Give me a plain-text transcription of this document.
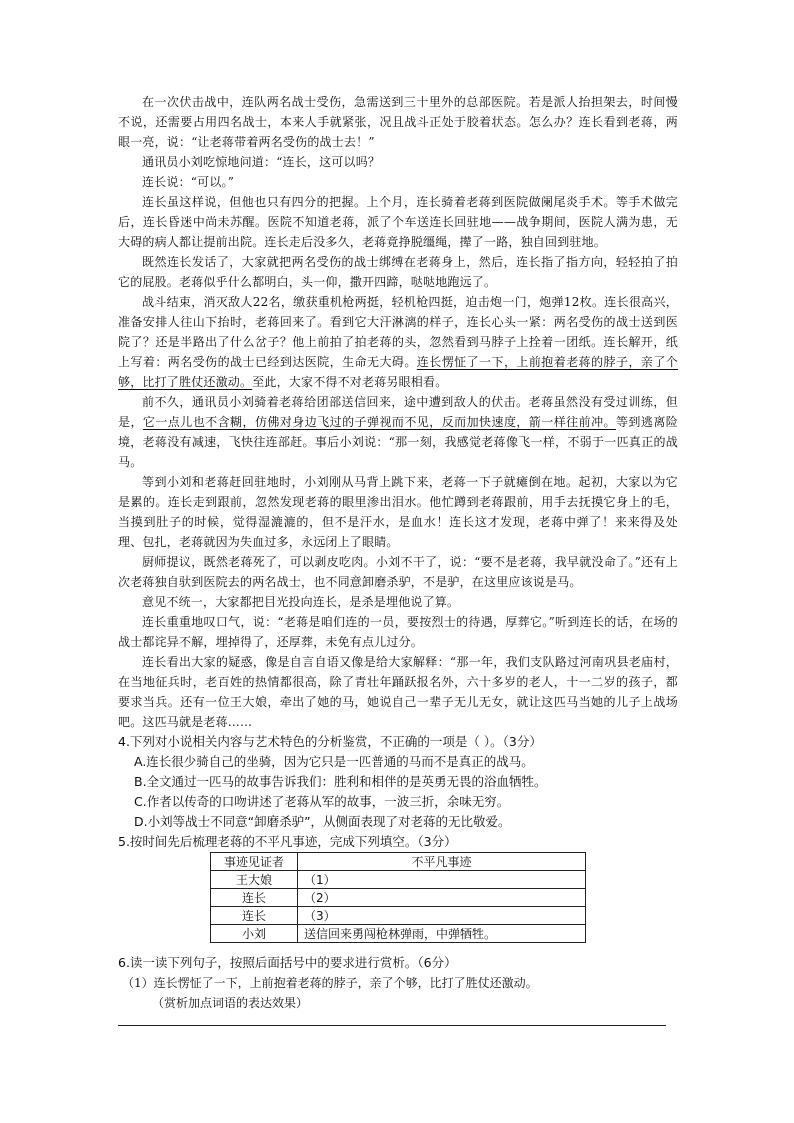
在一次伏击战中，连队两名战士受伤，急需送到三十里外的总部医院。若是派人抬担架去，时间慢不说，还需要占用四名战士，本来人手就紧张，况且战斗正处于胶着状态。怎么办？连长看到老蒋，两眼一亮，说：“让老蒋带着两名受伤的战士去！”

通讯员小刘吃惊地问道：“连长，这可以吗？

连长说：“可以。”

连长虽这样说，但他也只有四分的把握。上个月，连长骑着老蒋到医院做阑尾炎手术。等手术做完后，连长昏迷中尚未苏醒。医院不知道老蒋，派了个车送连长回驻地——战争期间，医院人满为患，无大碍的病人都让提前出院。连长走后没多久，老蒋竟挣脱缰绳，撵了一路，独自回到驻地。

既然连长发话了，大家就把两名受伤的战士绑缚在老蒋身上，然后，连长指了指方向，轻轻拍了拍它的屁股。老蒋似乎什么都明白，头一仰，撒开四蹄，哒哒地跑远了。

战斗结束，消灭敌人22名，缴获重机枪两挺，轻机枪四挺，迫击炮一门，炮弹12枚。连长很高兴，准备安排人往山下抬时，老蒋回来了。看到它大汗淋漓的样子，连长心头一紧：两名受伤的战士送到医院了？还是半路出了什么岔子？他上前拍了拍老蒋的头，忽然看到马脖子上拴着一团纸。连长解开，纸上写着：两名受伤的战士已经到达医院，生命无大碍。连长愣怔了一下，上前抱着老蒋的脖子，亲了个够，比打了胜仗还激动。至此，大家不得不对老蒋另眼相看。

前不久，通讯员小刘骑着老蒋给团部送信回来，途中遭到敌人的伏击。老蒋虽然没有受过训练，但是，它一点儿也不含糊，仿佛对身边飞过的子弹视而不见，反而加快速度，箭一样往前冲。等到逃离险境，老蒋没有减速，飞快往连部赶。事后小刘说：“那一刻，我感觉老蒋像飞一样，不弱于一匹真正的战马。

等到小刘和老蒋赶回驻地时，小刘刚从马背上跳下来，老蒋一下子就瘫倒在地。起初，大家以为它是累的。连长走到跟前，忽然发现老蒋的眼里渗出泪水。他忙蹲到老蒋跟前，用手去抚摸它身上的毛，当摸到肚子的时候，觉得湿漉漉的，但不是汗水，是血水！连长这才发现，老蒋中弹了！来来得及处理、包扎，老蒋就因为失血过多，永远闭上了眼睛。

厨师提议，既然老蒋死了，可以剥皮吃肉。小刘不干了，说：“要不是老蒋，我早就没命了。”还有上次老蒋独自驮到医院去的两名战士，也不同意卸磨杀驴，不是驴，在这里应该说是马。

意见不统一，大家都把目光投向连长，是杀是埋他说了算。

连长重重地叹口气，说：“老蒋是咱们连的一员，要按烈士的待遇，厚葬它。”听到连长的话，在场的战士都诧异不解，埋掉得了，还厚葬，未免有点儿过分。

连长看出大家的疑惑，像是自言自语又像是给大家解释：“那一年，我们支队路过河南巩县老庙村，在当地征兵时，老百姓的热情都很高，除了青壮年踊跃报名外，六十多岁的老人，十一二岁的孩子，都要求当兵。还有一位王大娘，牵出了她的马，她说自己一辈子无儿无女，就让这匹马当她的儿子上战场吧。这匹马就是老蒋……

4.下列对小说相关内容与艺术特色的分析鉴赏，不正确的一项是（ ）。（3分）

A.连长很少骑自己的坐骑，因为它只是一匹普通的马而不是真正的战马。

B.全文通过一匹马的故事告诉我们：胜利和相伴的是英勇无畏的浴血牺牲。

C.作者以传奇的口吻讲述了老蒋从军的故事，一波三折，余味无穷。

D.小刘等战士不同意“卸磨杀驴”，从侧面表现了对老蒋的无比敬爱。

5.按时间先后梳理老蒋的不平凡事迹，完成下列填空。（3分）

事迹见证者	不平凡事迹
王大娘	（1）
连长	（2）
连长	（3）
小刘	送信回来勇闯枪林弹雨，中弹牺牲。

6.读一读下列句子，按照后面括号中的要求进行赏析。（6分）

（1）连长愣怔了一下，上前抱着老蒋的脖子，亲了个够，比打了胜仗还激动。

（赏析加点词语的表达效果）
